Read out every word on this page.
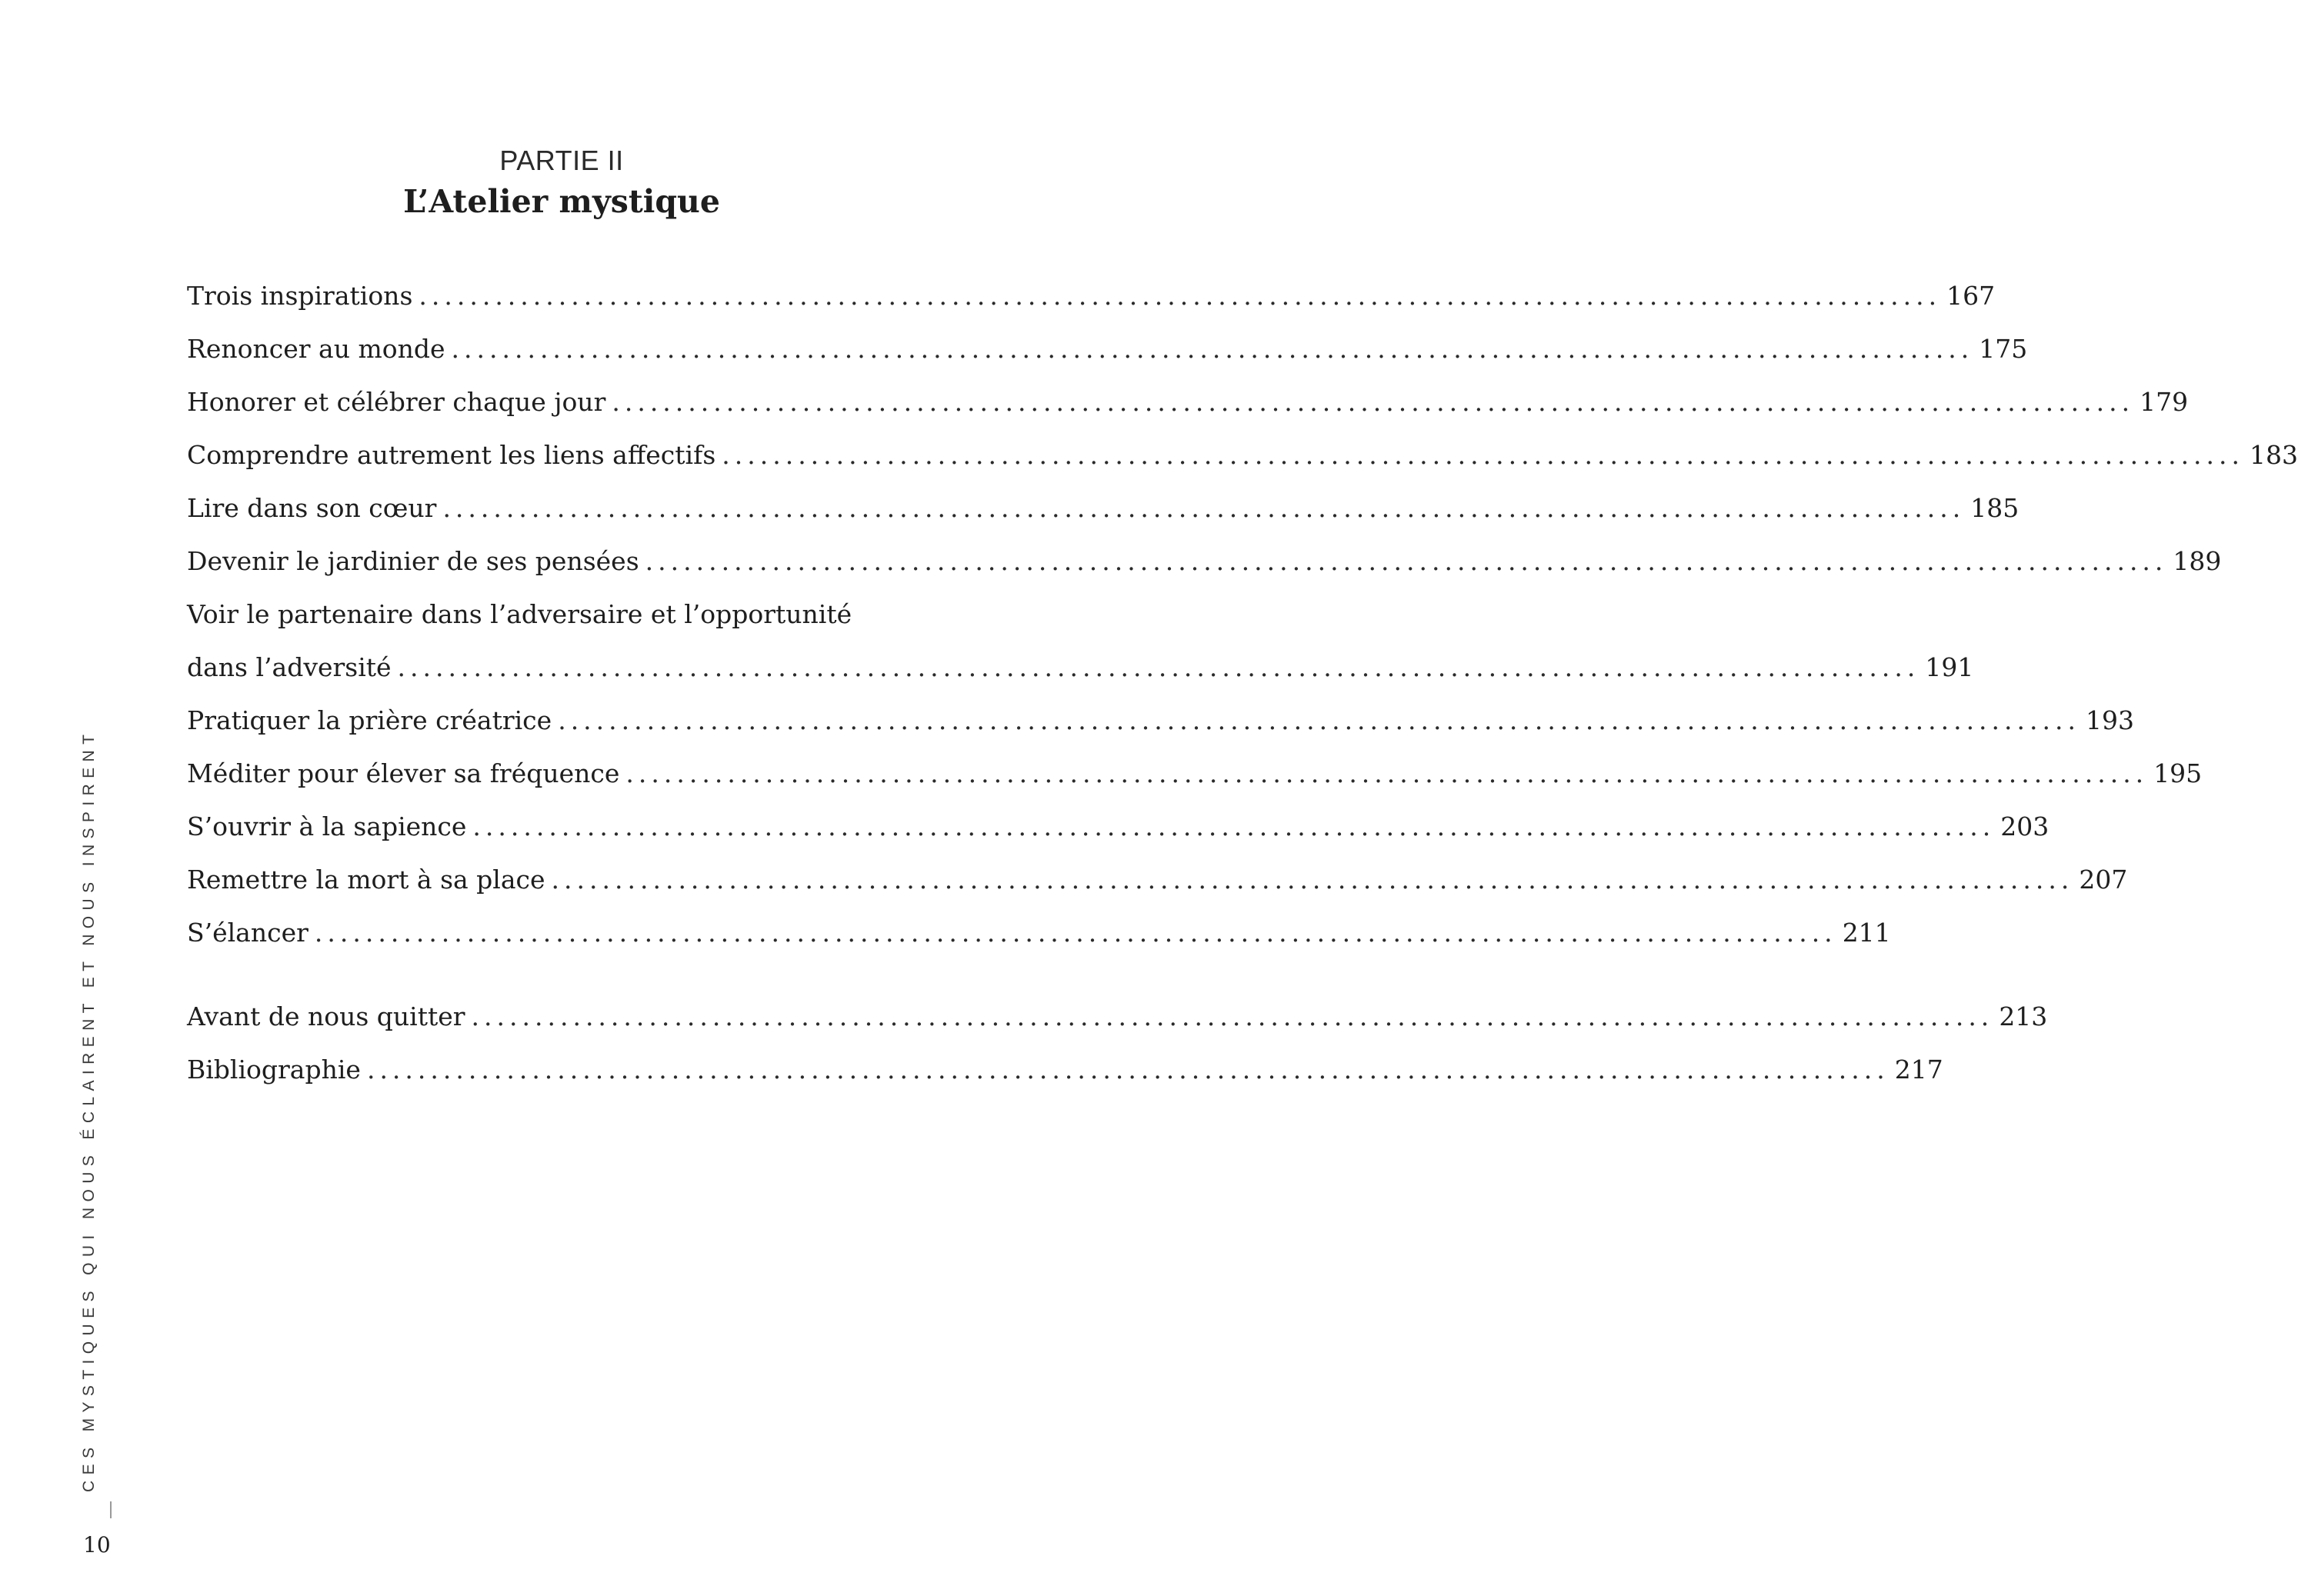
PARTIE II
L’Atelier mystique
Trois inspirations ........................................................................................................................ 167
Renoncer au monde ........................................................................................................................ 175
Honorer et célébrer chaque jour ........................................................................................................................ 179
Comprendre autrement les liens affectifs ........................................................................................................................ 183
Lire dans son cœur ........................................................................................................................ 185
Devenir le jardinier de ses pensées ........................................................................................................................ 189
Voir le partenaire dans l’adversaire et l’opportunité
dans l’adversité ........................................................................................................................ 191
Pratiquer la prière créatrice ........................................................................................................................ 193
Méditer pour élever sa fréquence ........................................................................................................................ 195
S’ouvrir à la sapience ........................................................................................................................ 203
Remettre la mort à sa place ........................................................................................................................ 207
S’élancer ........................................................................................................................ 211
Avant de nous quitter ........................................................................................................................ 213
Bibliographie ........................................................................................................................ 217
CES MYSTIQUES QUI NOUS ÉCLAIRENT ET NOUS INSPIRENT
10
